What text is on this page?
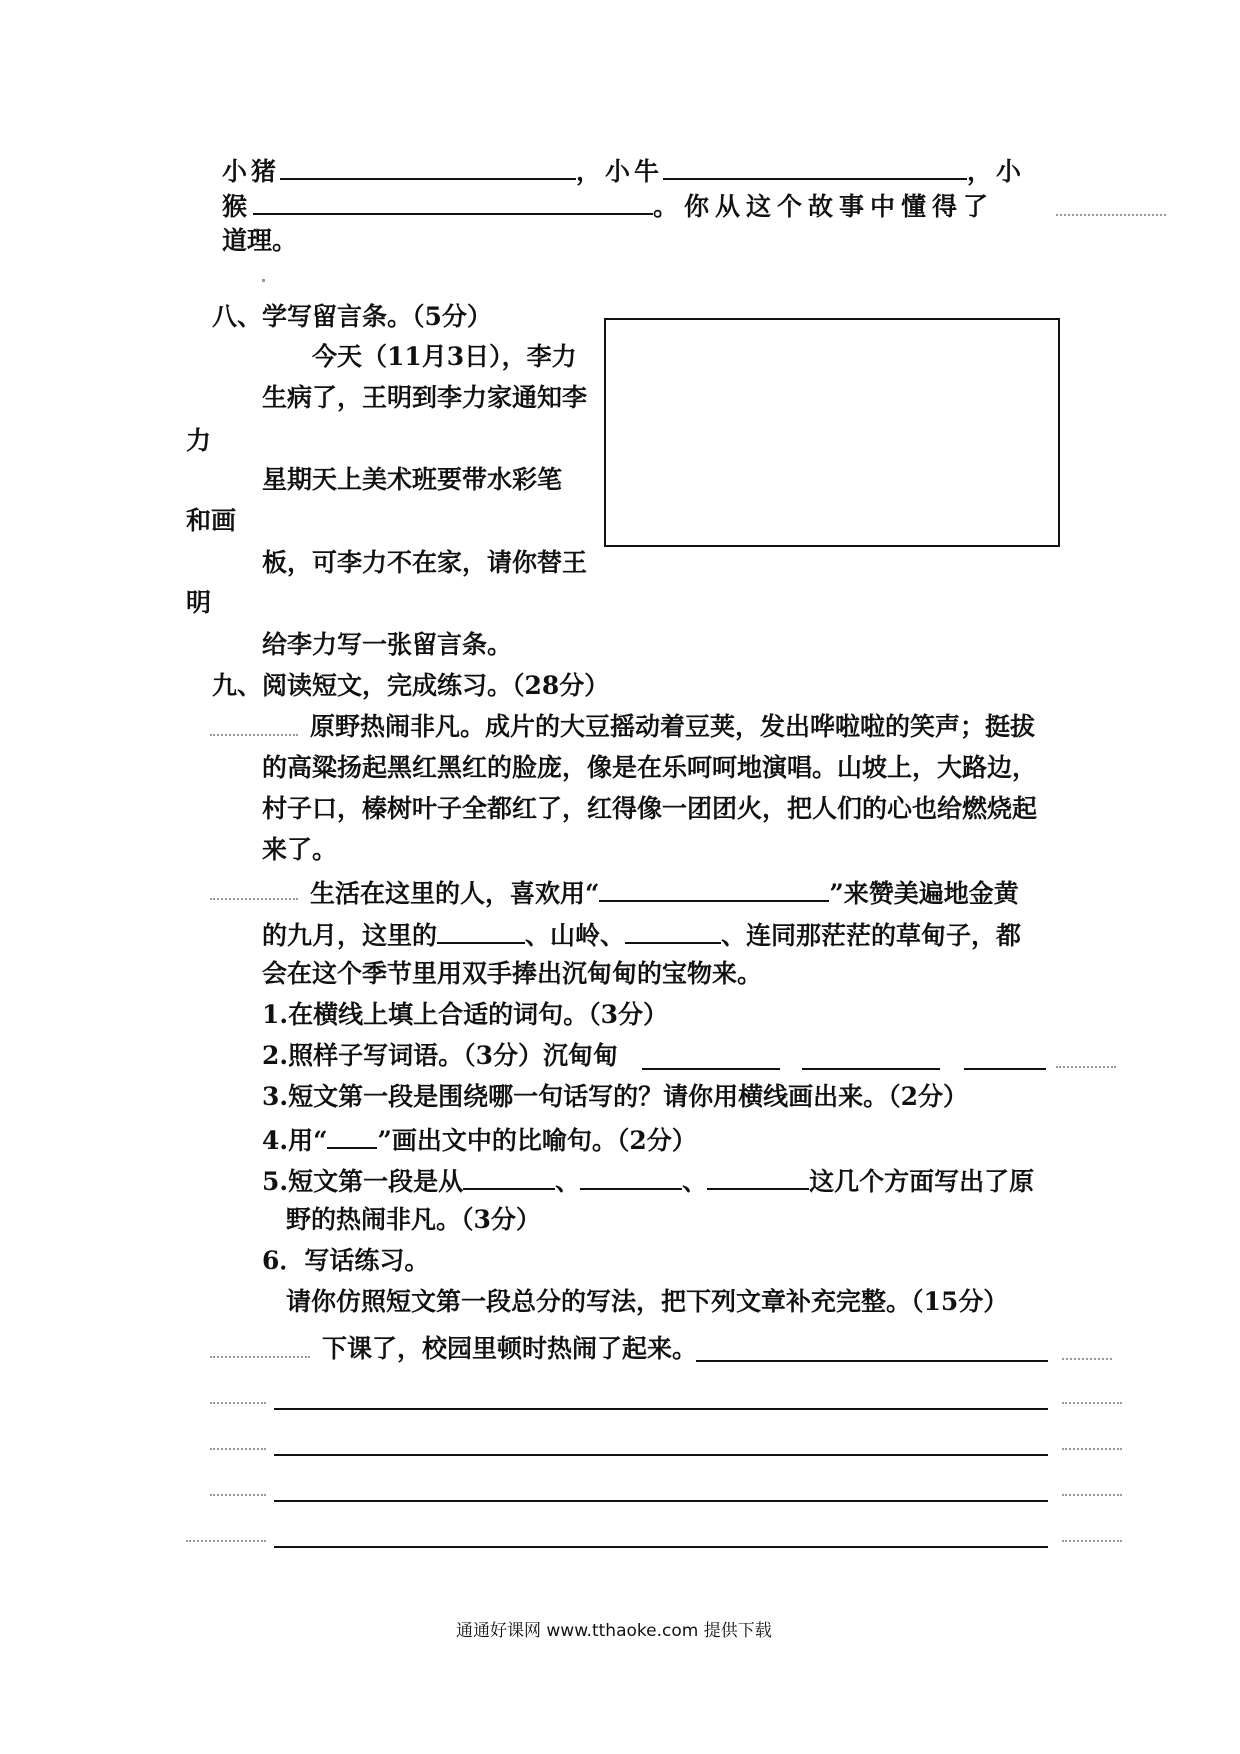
小猪	，小牛	，小
猴	。你从这个故事中懂得了
道理。
八、学写留言条。（5分）
今天（11月3日），李力
生病了，王明到李力家通知李
力
星期天上美术班要带水彩笔
和画
板，可李力不在家，请你替王
明
给李力写一张留言条。
九、阅读短文，完成练习。（28分）
原野热闹非凡。成片的大豆摇动着豆荚，发出哗啦啦的笑声；挺拔
的高粱扬起黑红黑红的脸庞，像是在乐呵呵地演唱。山坡上，大路边，
村子口，榛树叶子全都红了，红得像一团团火，把人们的心也给燃烧起
来了。
生活在这里的人，喜欢用“	”来赞美遍地金黄
的九月，这里的	、山岭、	、连同那茫茫的草甸子，都
会在这个季节里用双手捧出沉甸甸的宝物来。
1.在横线上填上合适的词句。（3分）
2.照样子写词语。（3分）沉甸甸
3.短文第一段是围绕哪一句话写的？请你用横线画出来。（2分）
4.用“ ”画出文中的比喻句。（2分）
5.短文第一段是从	、	、	这几个方面写出了原
野的热闹非凡。（3分）
6．写话练习。
请你仿照短文第一段总分的写法，把下列文章补充完整。（15分）
下课了，校园里顿时热闹了起来。
通通好课网 www.tthaoke.com 提供下载
